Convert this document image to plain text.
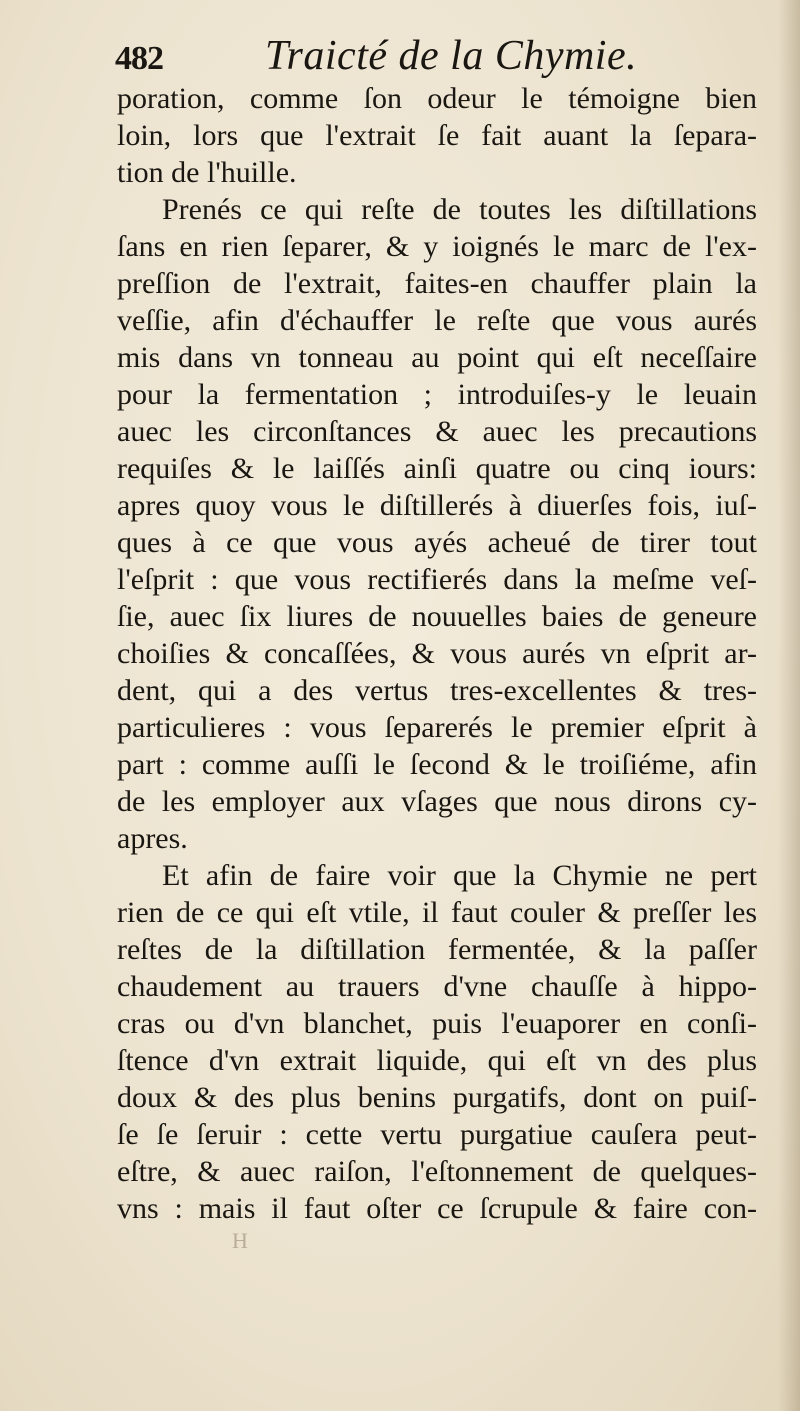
482 Traicté de la Chymie.
poration, comme ſon odeur le témoigne bien
loin, lors que l'extrait ſe fait auant la ſepara-
tion de l'huille.
Prenés ce qui reſte de toutes les diſtillations
ſans en rien ſeparer, & y ioignés le marc de l'ex-
preſſion de l'extrait, faites-en chauffer plain la
veſſie, afin d'échauffer le reſte que vous aurés
mis dans vn tonneau au point qui eſt neceſſaire
pour la fermentation ; introduiſes-y le leuain
auec les circonſtances & auec les precautions
requiſes & le laiſſés ainſi quatre ou cinq iours:
apres quoy vous le diſtillerés à diuerſes fois, iuſ-
ques à ce que vous ayés acheué de tirer tout
l'eſprit : que vous rectifierés dans la meſme veſ-
ſie, auec ſix liures de nouuelles baies de geneure
choiſies & concaſſées, & vous aurés vn eſprit ar-
dent, qui a des vertus tres-excellentes & tres-
particulieres : vous ſeparerés le premier eſprit à
part : comme auſſi le ſecond & le troiſiéme, afin
de les employer aux vſages que nous dirons cy-
apres.
Et afin de faire voir que la Chymie ne pert
rien de ce qui eſt vtile, il faut couler & preſſer les
reſtes de la diſtillation fermentée, & la paſſer
chaudement au trauers d'vne chauſſe à hippo-
cras ou d'vn blanchet, puis l'euaporer en conſi-
ſtence d'vn extrait liquide, qui eſt vn des plus
doux & des plus benins purgatifs, dont on puiſ-
ſe ſe ſeruir : cette vertu purgatiue cauſera peut-
eſtre, & auec raiſon, l'eſtonnement de quelques-
vns : mais il faut oſter ce ſcrupule & faire con-
H
